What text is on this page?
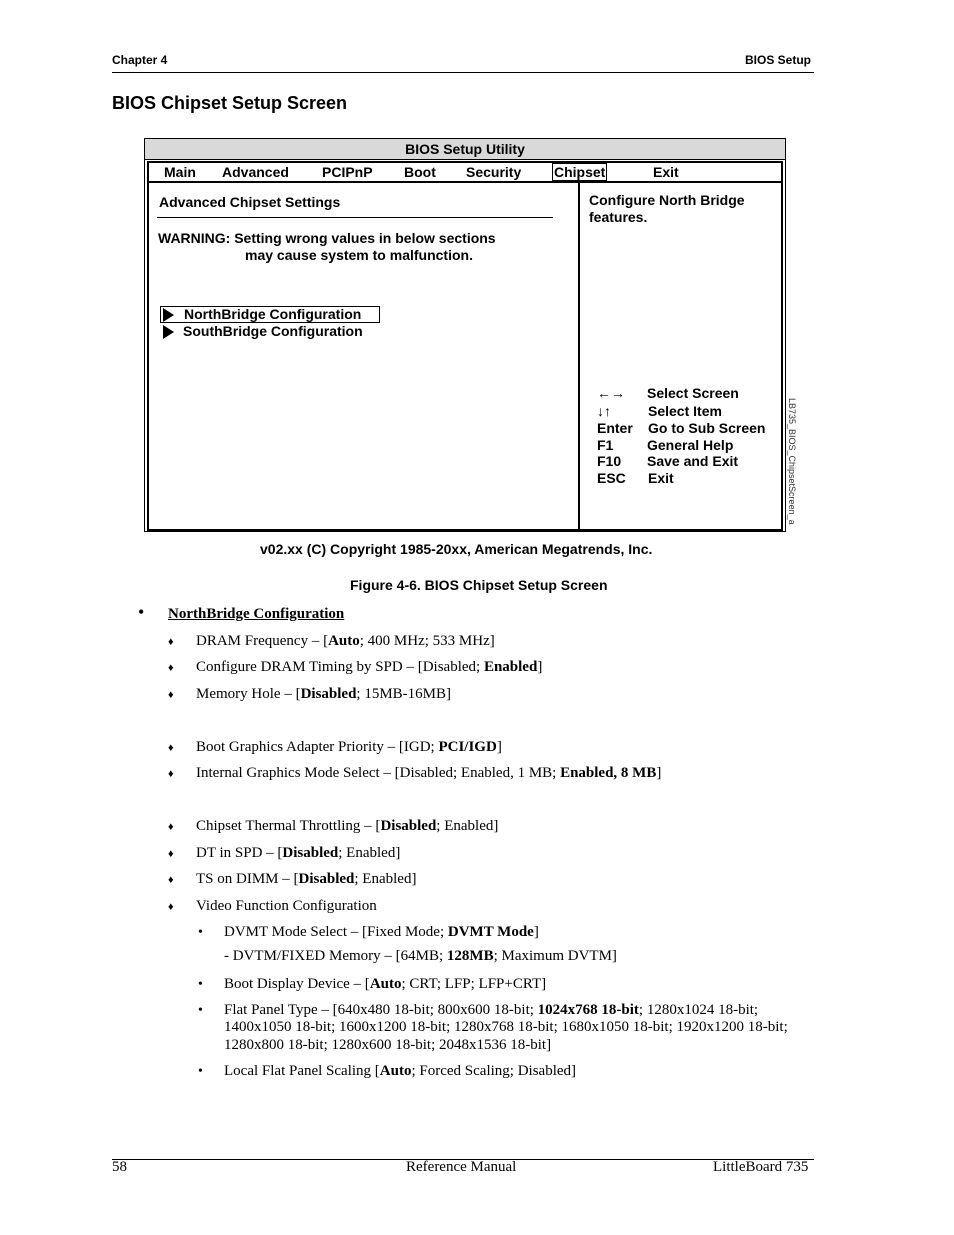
Chapter 4	BIOS Setup
BIOS Chipset Setup Screen
BIOS Setup Utility
Main Advanced PCIPnP Boot Security Chipset	Exit
Advanced Chipset Settings
WARNING: Setting wrong values in below sections
may cause system to malfunction.
NorthBridge Configuration
SouthBridge Configuration
Configure North Bridge
features.
←→ Select Screen
↓↑	Select Item
Enter Go to Sub Screen
F1 General Help
F10 Save and Exit
ESC Exit	LB735_BIOS_ChipsetScreen_a
v02.xx (C) Copyright 1985-20xx, American Megatrends, Inc.
Figure 4-6. BIOS Chipset Setup Screen
• NorthBridge Configuration
♦ DRAM Frequency – [Auto; 400 MHz; 533 MHz]
♦ Configure DRAM Timing by SPD – [Disabled; Enabled]
♦ Memory Hole – [Disabled; 15MB-16MB]
♦ Boot Graphics Adapter Priority – [IGD; PCI/IGD]
♦ Internal Graphics Mode Select – [Disabled; Enabled, 1 MB; Enabled, 8 MB]
♦ Chipset Thermal Throttling – [Disabled; Enabled]
♦ DT in SPD – [Disabled; Enabled]
♦ TS on DIMM – [Disabled; Enabled]
♦ Video Function Configuration
• DVMT Mode Select – [Fixed Mode; DVMT Mode]
- DVTM/FIXED Memory – [64MB; 128MB; Maximum DVTM]
• Boot Display Device – [Auto; CRT; LFP; LFP+CRT]
• Flat Panel Type – [640x480 18-bit; 800x600 18-bit; 1024x768 18-bit; 1280x1024 18-bit;
1400x1050 18-bit; 1600x1200 18-bit; 1280x768 18-bit; 1680x1050 18-bit; 1920x1200 18-bit;
1280x800 18-bit; 1280x600 18-bit; 2048x1536 18-bit]
• Local Flat Panel Scaling [Auto; Forced Scaling; Disabled]
58	Reference Manual	LittleBoard 735
